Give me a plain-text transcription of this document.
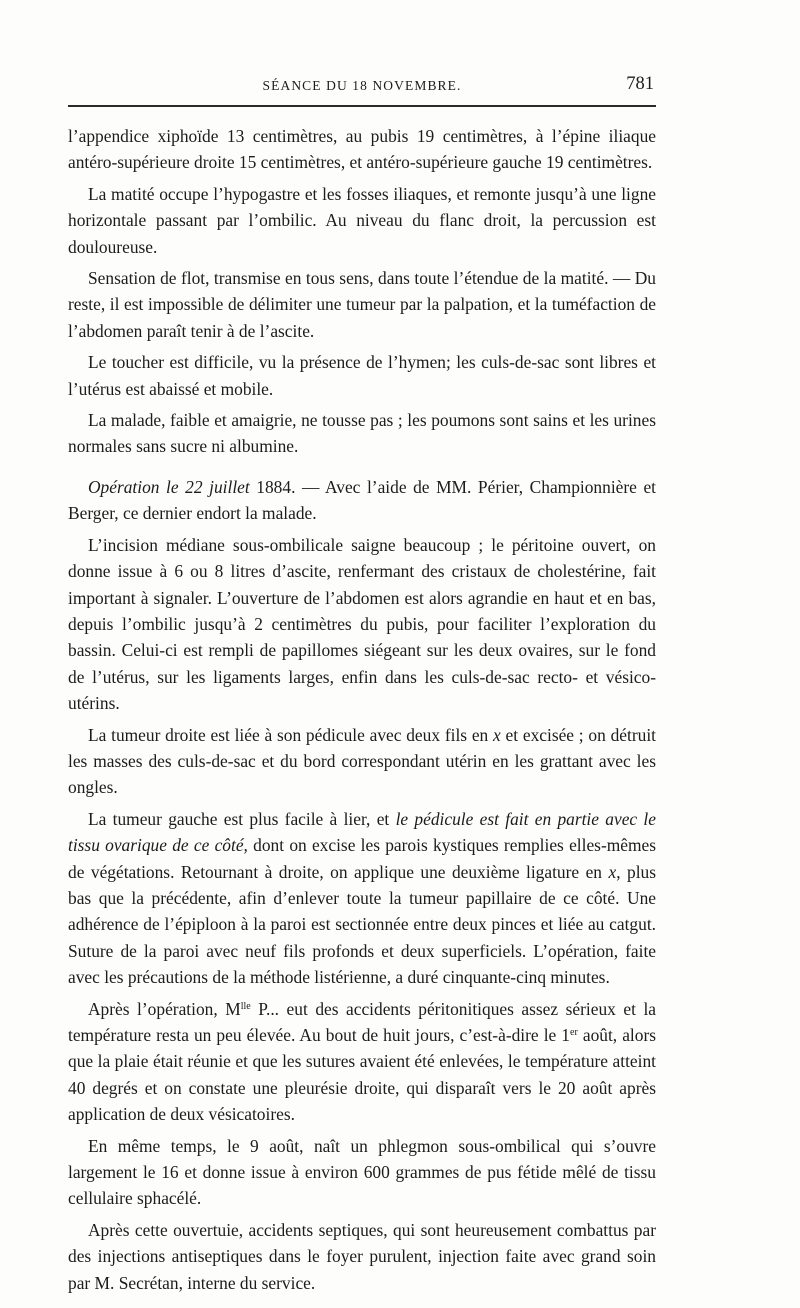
SÉANCE DU 18 NOVEMBRE.	781

l’appendice xiphoïde 13 centimètres, au pubis 19 centimètres, à l’épine iliaque antéro-supérieure droite 15 centimètres, et antéro-supérieure gauche 19 centimètres.

La matité occupe l’hypogastre et les fosses iliaques, et remonte jusqu’à une ligne horizontale passant par l’ombilic. Au niveau du flanc droit, la percussion est douloureuse.

Sensation de flot, transmise en tous sens, dans toute l’étendue de la matité. — Du reste, il est impossible de délimiter une tumeur par la palpation, et la tuméfaction de l’abdomen paraît tenir à de l’ascite.

Le toucher est difficile, vu la présence de l’hymen; les culs-de-sac sont libres et l’utérus est abaissé et mobile.

La malade, faible et amaigrie, ne tousse pas ; les poumons sont sains et les urines normales sans sucre ni albumine.

Opération le 22 juillet 1884. — Avec l’aide de MM. Périer, Championnière et Berger, ce dernier endort la malade.

L’incision médiane sous-ombilicale saigne beaucoup ; le péritoine ouvert, on donne issue à 6 ou 8 litres d’ascite, renfermant des cristaux de cholestérine, fait important à signaler. L’ouverture de l’abdomen est alors agrandie en haut et en bas, depuis l’ombilic jusqu’à 2 centimètres du pubis, pour faciliter l’exploration du bassin. Celui-ci est rempli de papillomes siégeant sur les deux ovaires, sur le fond de l’utérus, sur les ligaments larges, enfin dans les culs-de-sac recto- et vésico-utérins.

La tumeur droite est liée à son pédicule avec deux fils en x et excisée ; on détruit les masses des culs-de-sac et du bord correspondant utérin en les grattant avec les ongles.

La tumeur gauche est plus facile à lier, et le pédicule est fait en partie avec le tissu ovarique de ce côté, dont on excise les parois kystiques remplies elles-mêmes de végétations. Retournant à droite, on applique une deuxième ligature en x, plus bas que la précédente, afin d’enlever toute la tumeur papillaire de ce côté. Une adhérence de l’épiploon à la paroi est sectionnée entre deux pinces et liée au catgut. Suture de la paroi avec neuf fils profonds et deux superficiels. L’opération, faite avec les précautions de la méthode listérienne, a duré cinquante-cinq minutes.

Après l’opération, $M^{lle}$ P... eut des accidents péritonitiques assez sérieux et la température resta un peu élevée. Au bout de huit jours, c’est-à-dire le 1er août, alors que la plaie était réunie et que les sutures avaient été enlevées, le température atteint 40 degrés et on constate une pleurésie droite, qui disparaît vers le 20 août après application de deux vésicatoires.

En même temps, le 9 août, naît un phlegmon sous-ombilical qui s’ouvre largement le 16 et donne issue à environ 600 grammes de pus fétide mêlé de tissu cellulaire sphacélé.

Après cette ouvertuie, accidents septiques, qui sont heureusement combattus par des injections antiseptiques dans le foyer purulent, injection faite avec grand soin par M. Secrétan, interne du service.
